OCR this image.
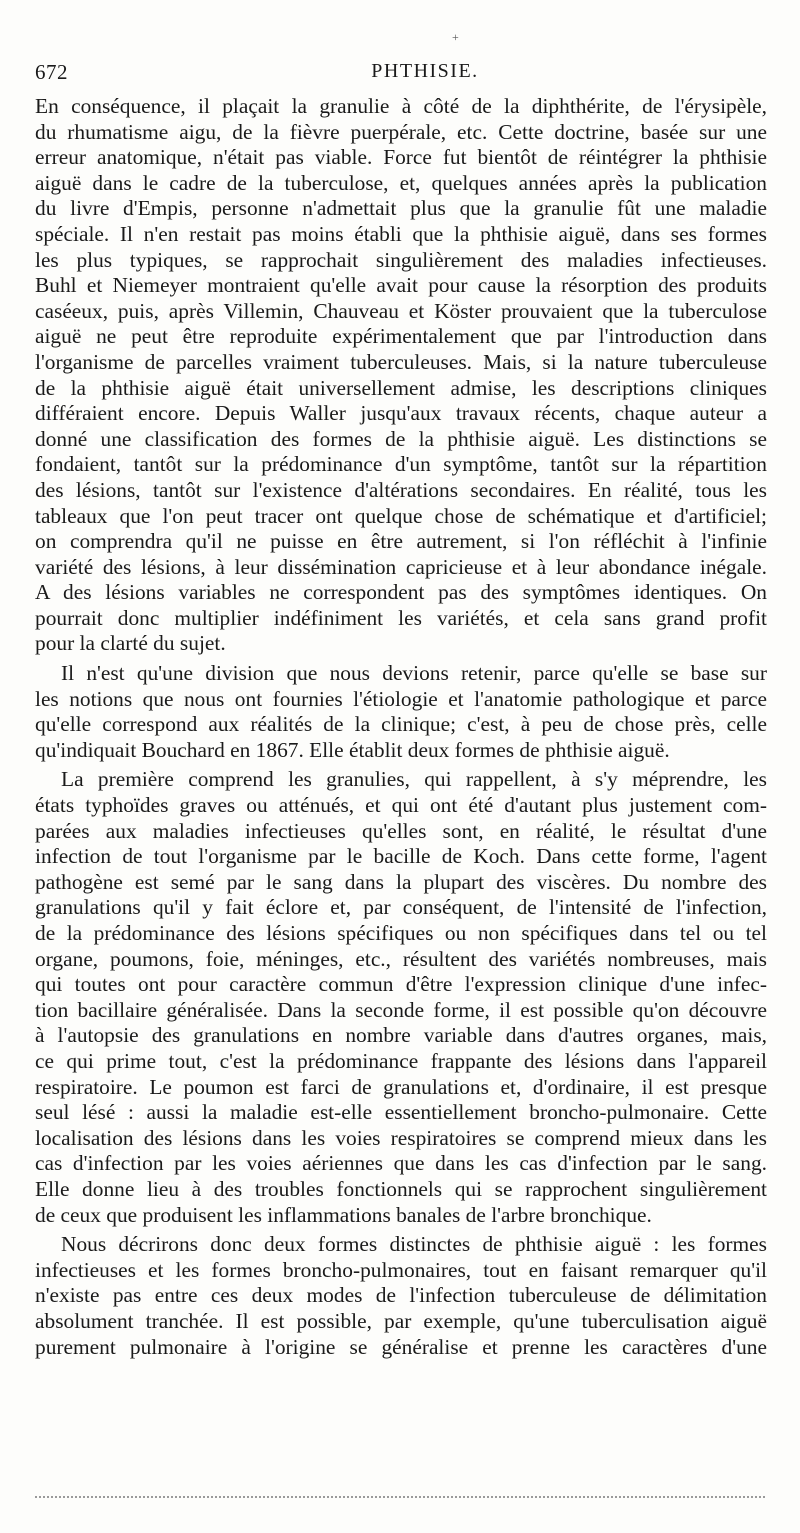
+
672	PHTHISIE.

En conséquence, il plaçait la granulie à côté de la diphthérite, de l'érysipèle,
du rhumatisme aigu, de la fièvre puerpérale, etc. Cette doctrine, basée sur une
erreur anatomique, n'était pas viable. Force fut bientôt de réintégrer la phthisie
aiguë dans le cadre de la tuberculose, et, quelques années après la publication
du livre d'Empis, personne n'admettait plus que la granulie fût une maladie
spéciale. Il n'en restait pas moins établi que la phthisie aiguë, dans ses formes
les plus typiques, se rapprochait singulièrement des maladies infectieuses.
Buhl et Niemeyer montraient qu'elle avait pour cause la résorption des produits
caséeux, puis, après Villemin, Chauveau et Köster prouvaient que la tuberculose
aiguë ne peut être reproduite expérimentalement que par l'introduction dans
l'organisme de parcelles vraiment tuberculeuses. Mais, si la nature tuberculeuse
de la phthisie aiguë était universellement admise, les descriptions cliniques
différaient encore. Depuis Waller jusqu'aux travaux récents, chaque auteur a
donné une classification des formes de la phthisie aiguë. Les distinctions se
fondaient, tantôt sur la prédominance d'un symptôme, tantôt sur la répartition
des lésions, tantôt sur l'existence d'altérations secondaires. En réalité, tous les
tableaux que l'on peut tracer ont quelque chose de schématique et d'artificiel;
on comprendra qu'il ne puisse en être autrement, si l'on réfléchit à l'infinie
variété des lésions, à leur dissémination capricieuse et à leur abondance inégale.
A des lésions variables ne correspondent pas des symptômes identiques. On
pourrait donc multiplier indéfiniment les variétés, et cela sans grand profit
pour la clarté du sujet.

Il n'est qu'une division que nous devions retenir, parce qu'elle se base sur
les notions que nous ont fournies l'étiologie et l'anatomie pathologique et parce
qu'elle correspond aux réalités de la clinique; c'est, à peu de chose près, celle
qu'indiquait Bouchard en 1867. Elle établit deux formes de phthisie aiguë.

La première comprend les granulies, qui rappellent, à s'y méprendre, les
états typhoïdes graves ou atténués, et qui ont été d'autant plus justement com-
parées aux maladies infectieuses qu'elles sont, en réalité, le résultat d'une
infection de tout l'organisme par le bacille de Koch. Dans cette forme, l'agent
pathogène est semé par le sang dans la plupart des viscères. Du nombre des
granulations qu'il y fait éclore et, par conséquent, de l'intensité de l'infection,
de la prédominance des lésions spécifiques ou non spécifiques dans tel ou tel
organe, poumons, foie, méninges, etc., résultent des variétés nombreuses, mais
qui toutes ont pour caractère commun d'être l'expression clinique d'une infec-
tion bacillaire généralisée. Dans la seconde forme, il est possible qu'on découvre
à l'autopsie des granulations en nombre variable dans d'autres organes, mais,
ce qui prime tout, c'est la prédominance frappante des lésions dans l'appareil
respiratoire. Le poumon est farci de granulations et, d'ordinaire, il est presque
seul lésé : aussi la maladie est-elle essentiellement broncho-pulmonaire. Cette
localisation des lésions dans les voies respiratoires se comprend mieux dans les
cas d'infection par les voies aériennes que dans les cas d'infection par le sang.
Elle donne lieu à des troubles fonctionnels qui se rapprochent singulièrement
de ceux que produisent les inflammations banales de l'arbre bronchique.

Nous décrirons donc deux formes distinctes de phthisie aiguë : les formes
infectieuses et les formes broncho-pulmonaires, tout en faisant remarquer qu'il
n'existe pas entre ces deux modes de l'infection tuberculeuse de délimitation
absolument tranchée. Il est possible, par exemple, qu'une tuberculisation aiguë
purement pulmonaire à l'origine se généralise et prenne les caractères d'une
